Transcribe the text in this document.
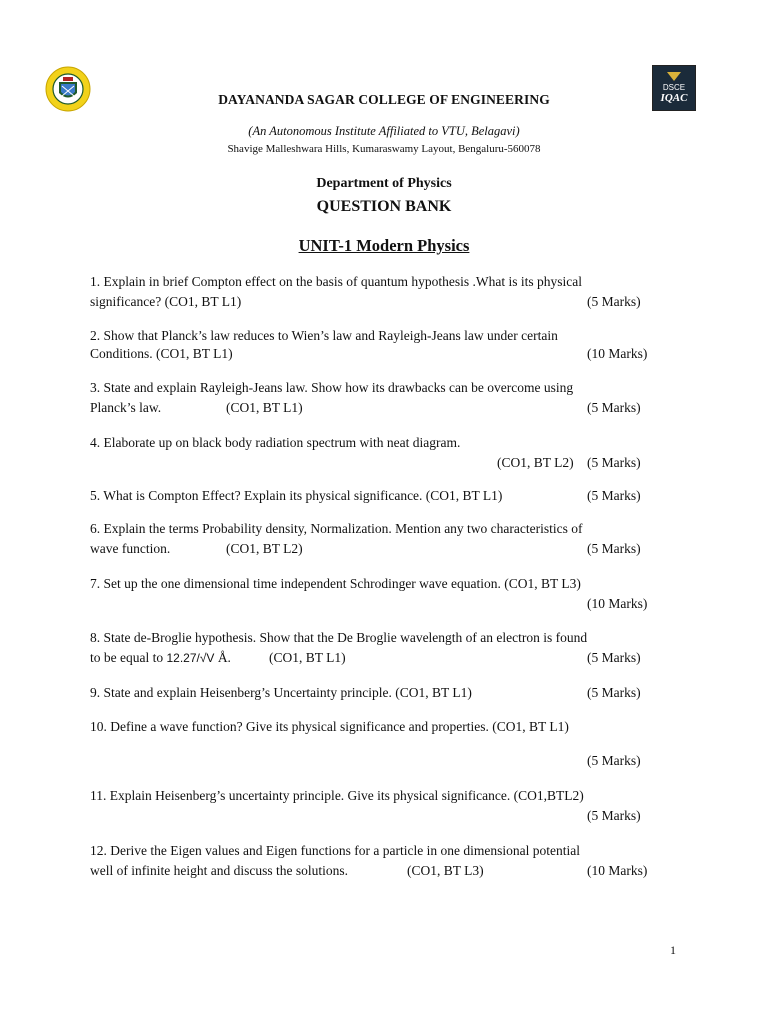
DSCE
IQAC
DAYANANDA SAGAR COLLEGE OF ENGINEERING
(An Autonomous Institute Affiliated to VTU, Belagavi)
Shavige Malleshwara Hills, Kumaraswamy Layout, Bengaluru-560078
Department of Physics
QUESTION BANK
UNIT-1 Modern Physics
1. Explain in brief Compton effect on the basis of quantum hypothesis .What is its physical
significance? (CO1, BT L1)	(5 Marks)
2. Show that Planck’s law reduces to Wien’s law and Rayleigh-Jeans law under certain
Conditions. (CO1, BT L1)	(10 Marks)
3. State and explain Rayleigh-Jeans law. Show how its drawbacks can be overcome using
Planck’s law.	(CO1, BT L1)	(5 Marks)
4. Elaborate up on black body radiation spectrum with neat diagram.
(CO1, BT L2) (5 Marks)
5. What is Compton Effect? Explain its physical significance. (CO1, BT L1)	(5 Marks)
6. Explain the terms Probability density, Normalization. Mention any two characteristics of
wave function.	(CO1, BT L2)	(5 Marks)
7. Set up the one dimensional time independent Schrodinger wave equation. (CO1, BT L3)
(10 Marks)
8. State de-Broglie hypothesis. Show that the De Broglie wavelength of an electron is found
to be equal to 12.27/√V Å.	(CO1, BT L1)	(5 Marks)
9. State and explain Heisenberg’s Uncertainty principle. (CO1, BT L1)	(5 Marks)
10. Define a wave function? Give its physical significance and properties. (CO1, BT L1)
(5 Marks)
11. Explain Heisenberg’s uncertainty principle. Give its physical significance. (CO1,BTL2)
(5 Marks)
12. Derive the Eigen values and Eigen functions for a particle in one dimensional potential
well of infinite height and discuss the solutions.	(CO1, BT L3)	(10 Marks)
1
